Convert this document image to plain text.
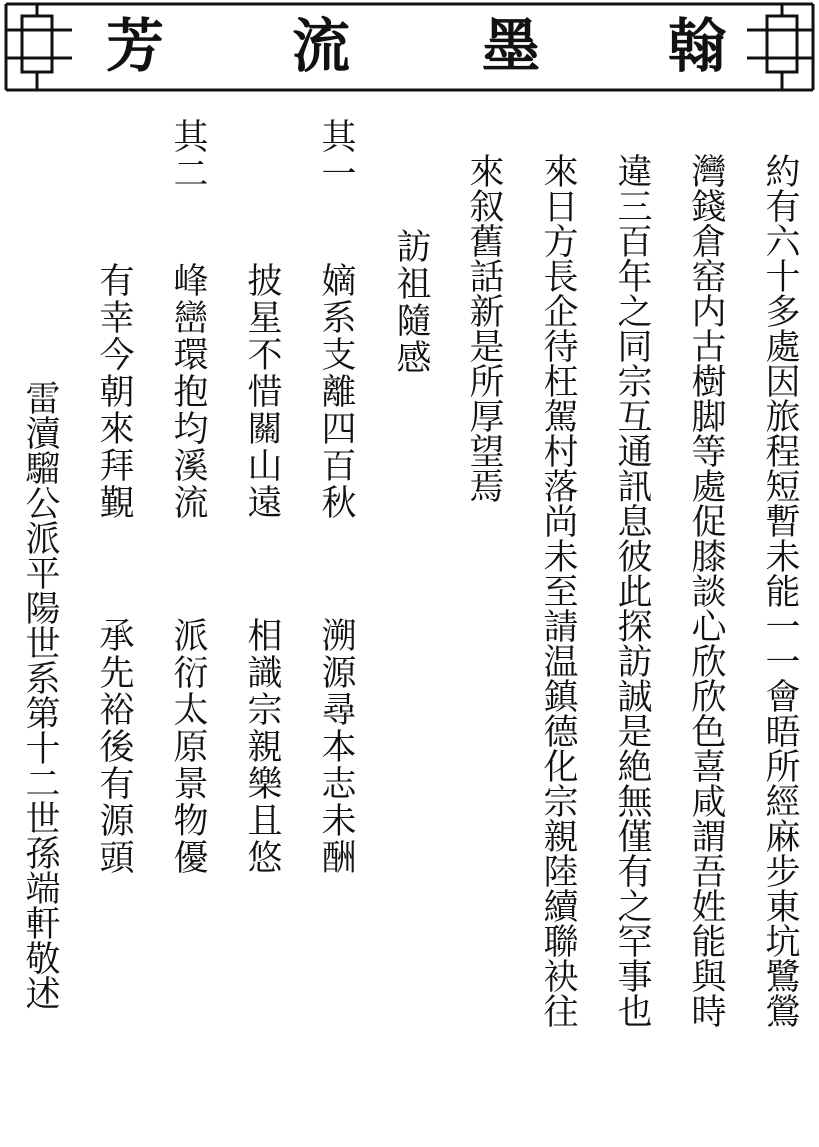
芳 流 墨 翰
約有六十多處因旅程短暫未能一一會晤所經麻步東坑鷺鶯
灣錢倉窑内古樹脚等處促膝談心欣欣色喜咸謂吾姓能與時
違三百年之同宗互通訊息彼此探訪誠是絶無僅有之罕事也
來日方長企待枉駕村落尚未至請温鎮德化宗親陸續聯袂往
來叙舊話新是所厚望焉
訪祖隨感
其一
嫡系支離四百秋
溯源尋本志未酬
披星不惜關山遠
相識宗親樂且悠
其二
峰巒環抱均溪流
派衍太原景物優
有幸今朝來拜覲
承先裕後有源頭
雷瀆騮公派平陽世系第十二世孫端軒敬述
